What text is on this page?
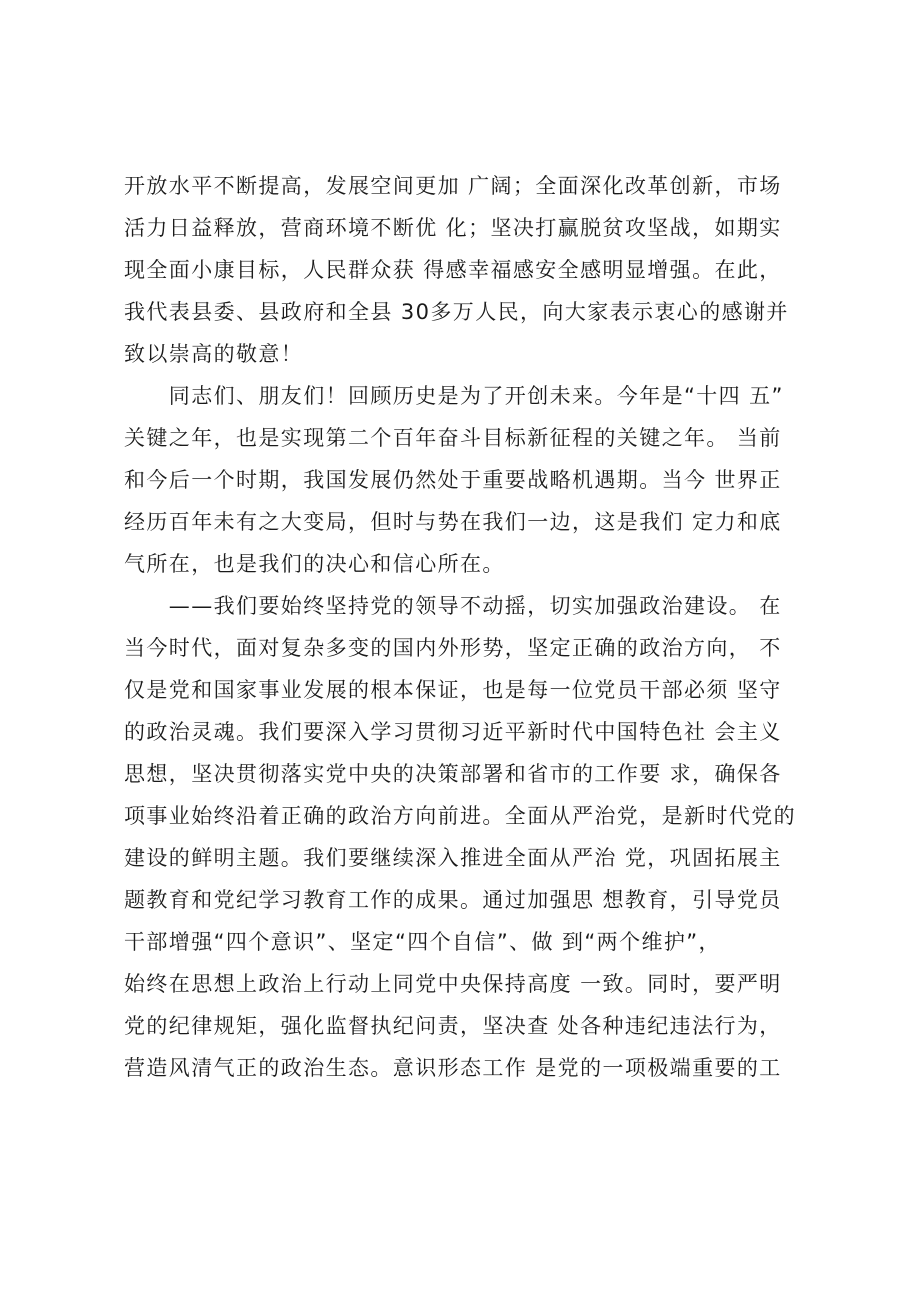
开放水平不断提高，发展空间更加 广阔；全面深化改革创新，市场
活力日益释放，营商环境不断优 化；坚决打赢脱贫攻坚战，如期实
现全面小康目标，人民群众获 得感幸福感安全感明显增强。在此，
我代表县委、县政府和全县 30多万人民，向大家表示衷心的感谢并
致以崇高的敬意！
　　同志们、朋友们！回顾历史是为了开创未来。今年是“十四 五”
关键之年，也是实现第二个百年奋斗目标新征程的关键之年。 当前
和今后一个时期，我国发展仍然处于重要战略机遇期。当今 世界正
经历百年未有之大变局，但时与势在我们一边，这是我们 定力和底
气所在，也是我们的决心和信心所在。
　　——我们要始终坚持党的领导不动摇，切实加强政治建设。 在
当今时代，面对复杂多变的国内外形势，坚定正确的政治方向， 不
仅是党和国家事业发展的根本保证，也是每一位党员干部必须 坚守
的政治灵魂。我们要深入学习贯彻习近平新时代中国特色社 会主义
思想，坚决贯彻落实党中央的决策部署和省市的工作要 求，确保各
项事业始终沿着正确的政治方向前进。全面从严治党，是新时代党的
建设的鲜明主题。我们要继续深入推进全面从严治 党，巩固拓展主
题教育和党纪学习教育工作的成果。通过加强思 想教育，引导党员
干部增强“四个意识”、坚定“四个自信”、做 到“两个维护”，
始终在思想上政治上行动上同党中央保持高度 一致。同时，要严明
党的纪律规矩，强化监督执纪问责，坚决查 处各种违纪违法行为，
营造风清气正的政治生态。意识形态工作 是党的一项极端重要的工
